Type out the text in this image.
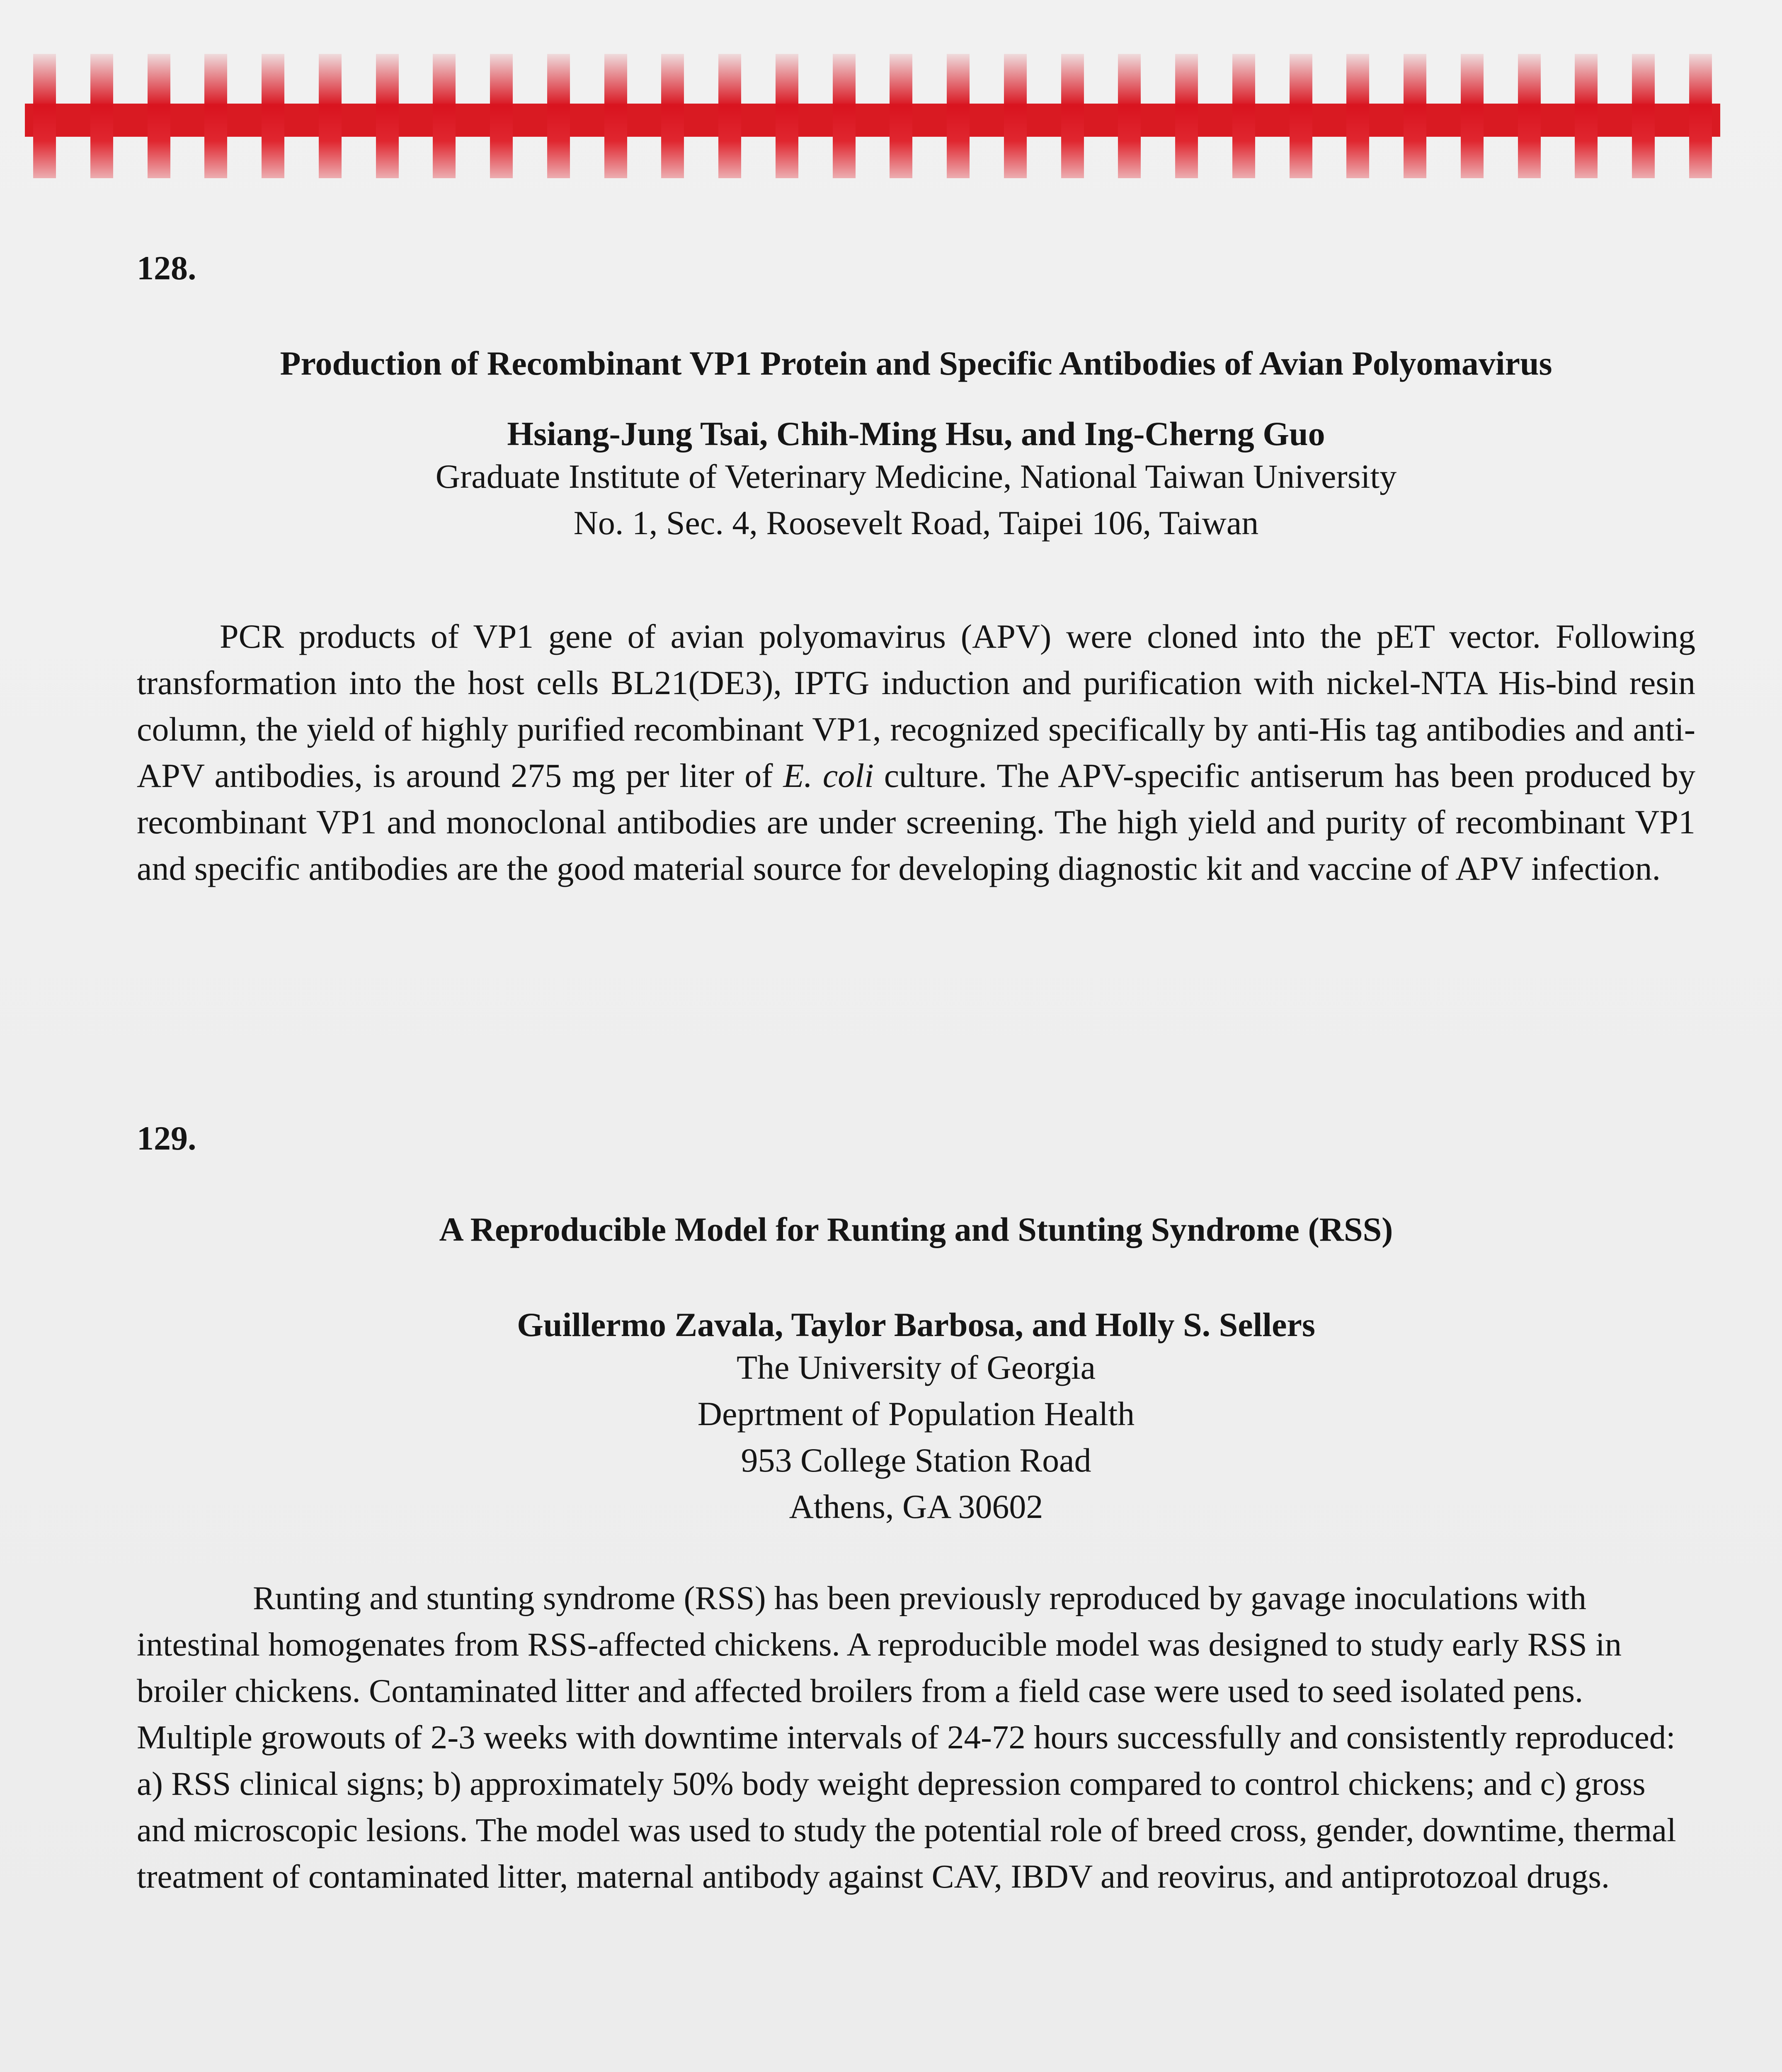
128.
Production of Recombinant VP1 Protein and Specific Antibodies of Avian Polyomavirus
Hsiang-Jung Tsai, Chih-Ming Hsu, and Ing-Cherng Guo
Graduate Institute of Veterinary Medicine, National Taiwan University
No. 1, Sec. 4, Roosevelt Road, Taipei 106, Taiwan
PCR products of VP1 gene of avian polyomavirus (APV) were cloned into the pET vector. Following transformation into the host cells BL21(DE3), IPTG induction and purification with nickel-NTA His-bind resin column, the yield of highly purified recombinant VP1, recognized specifically by anti-His tag antibodies and anti-APV antibodies, is around 275 mg per liter of E. coli culture. The APV-specific antiserum has been produced by recombinant VP1 and monoclonal antibodies are under screening. The high yield and purity of recombinant VP1 and specific antibodies are the good material source for developing diagnostic kit and vaccine of APV infection.
129.
A Reproducible Model for Runting and Stunting Syndrome (RSS)
Guillermo Zavala, Taylor Barbosa, and Holly S. Sellers
The University of Georgia
Deprtment of Population Health
953 College Station Road
Athens, GA 30602
Runting and stunting syndrome (RSS) has been previously reproduced by gavage inoculations with intestinal homogenates from RSS-affected chickens. A reproducible model was designed to study early RSS in broiler chickens. Contaminated litter and affected broilers from a field case were used to seed isolated pens. Multiple growouts of 2-3 weeks with downtime intervals of 24-72 hours successfully and consistently reproduced: a) RSS clinical signs; b) approximately 50% body weight depression compared to control chickens; and c) gross and microscopic lesions. The model was used to study the potential role of breed cross, gender, downtime, thermal treatment of contaminated litter, maternal antibody against CAV, IBDV and reovirus, and antiprotozoal drugs.
